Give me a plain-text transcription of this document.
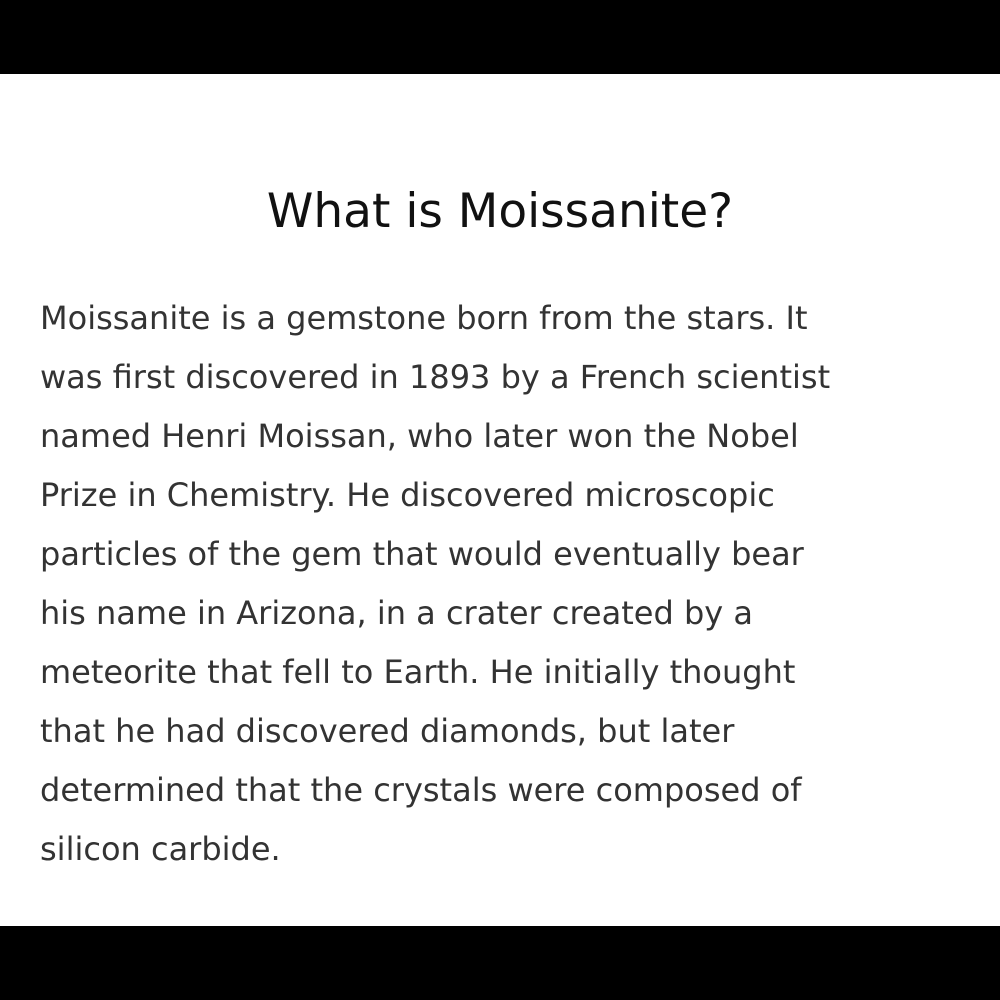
What is Moissanite?
Moissanite is a gemstone born from the stars. It
was first discovered in 1893 by a French scientist
named Henri Moissan, who later won the Nobel
Prize in Chemistry. He discovered microscopic
particles of the gem that would eventually bear
his name in Arizona, in a crater created by a
meteorite that fell to Earth. He initially thought
that he had discovered diamonds, but later
determined that the crystals were composed of
silicon carbide.
